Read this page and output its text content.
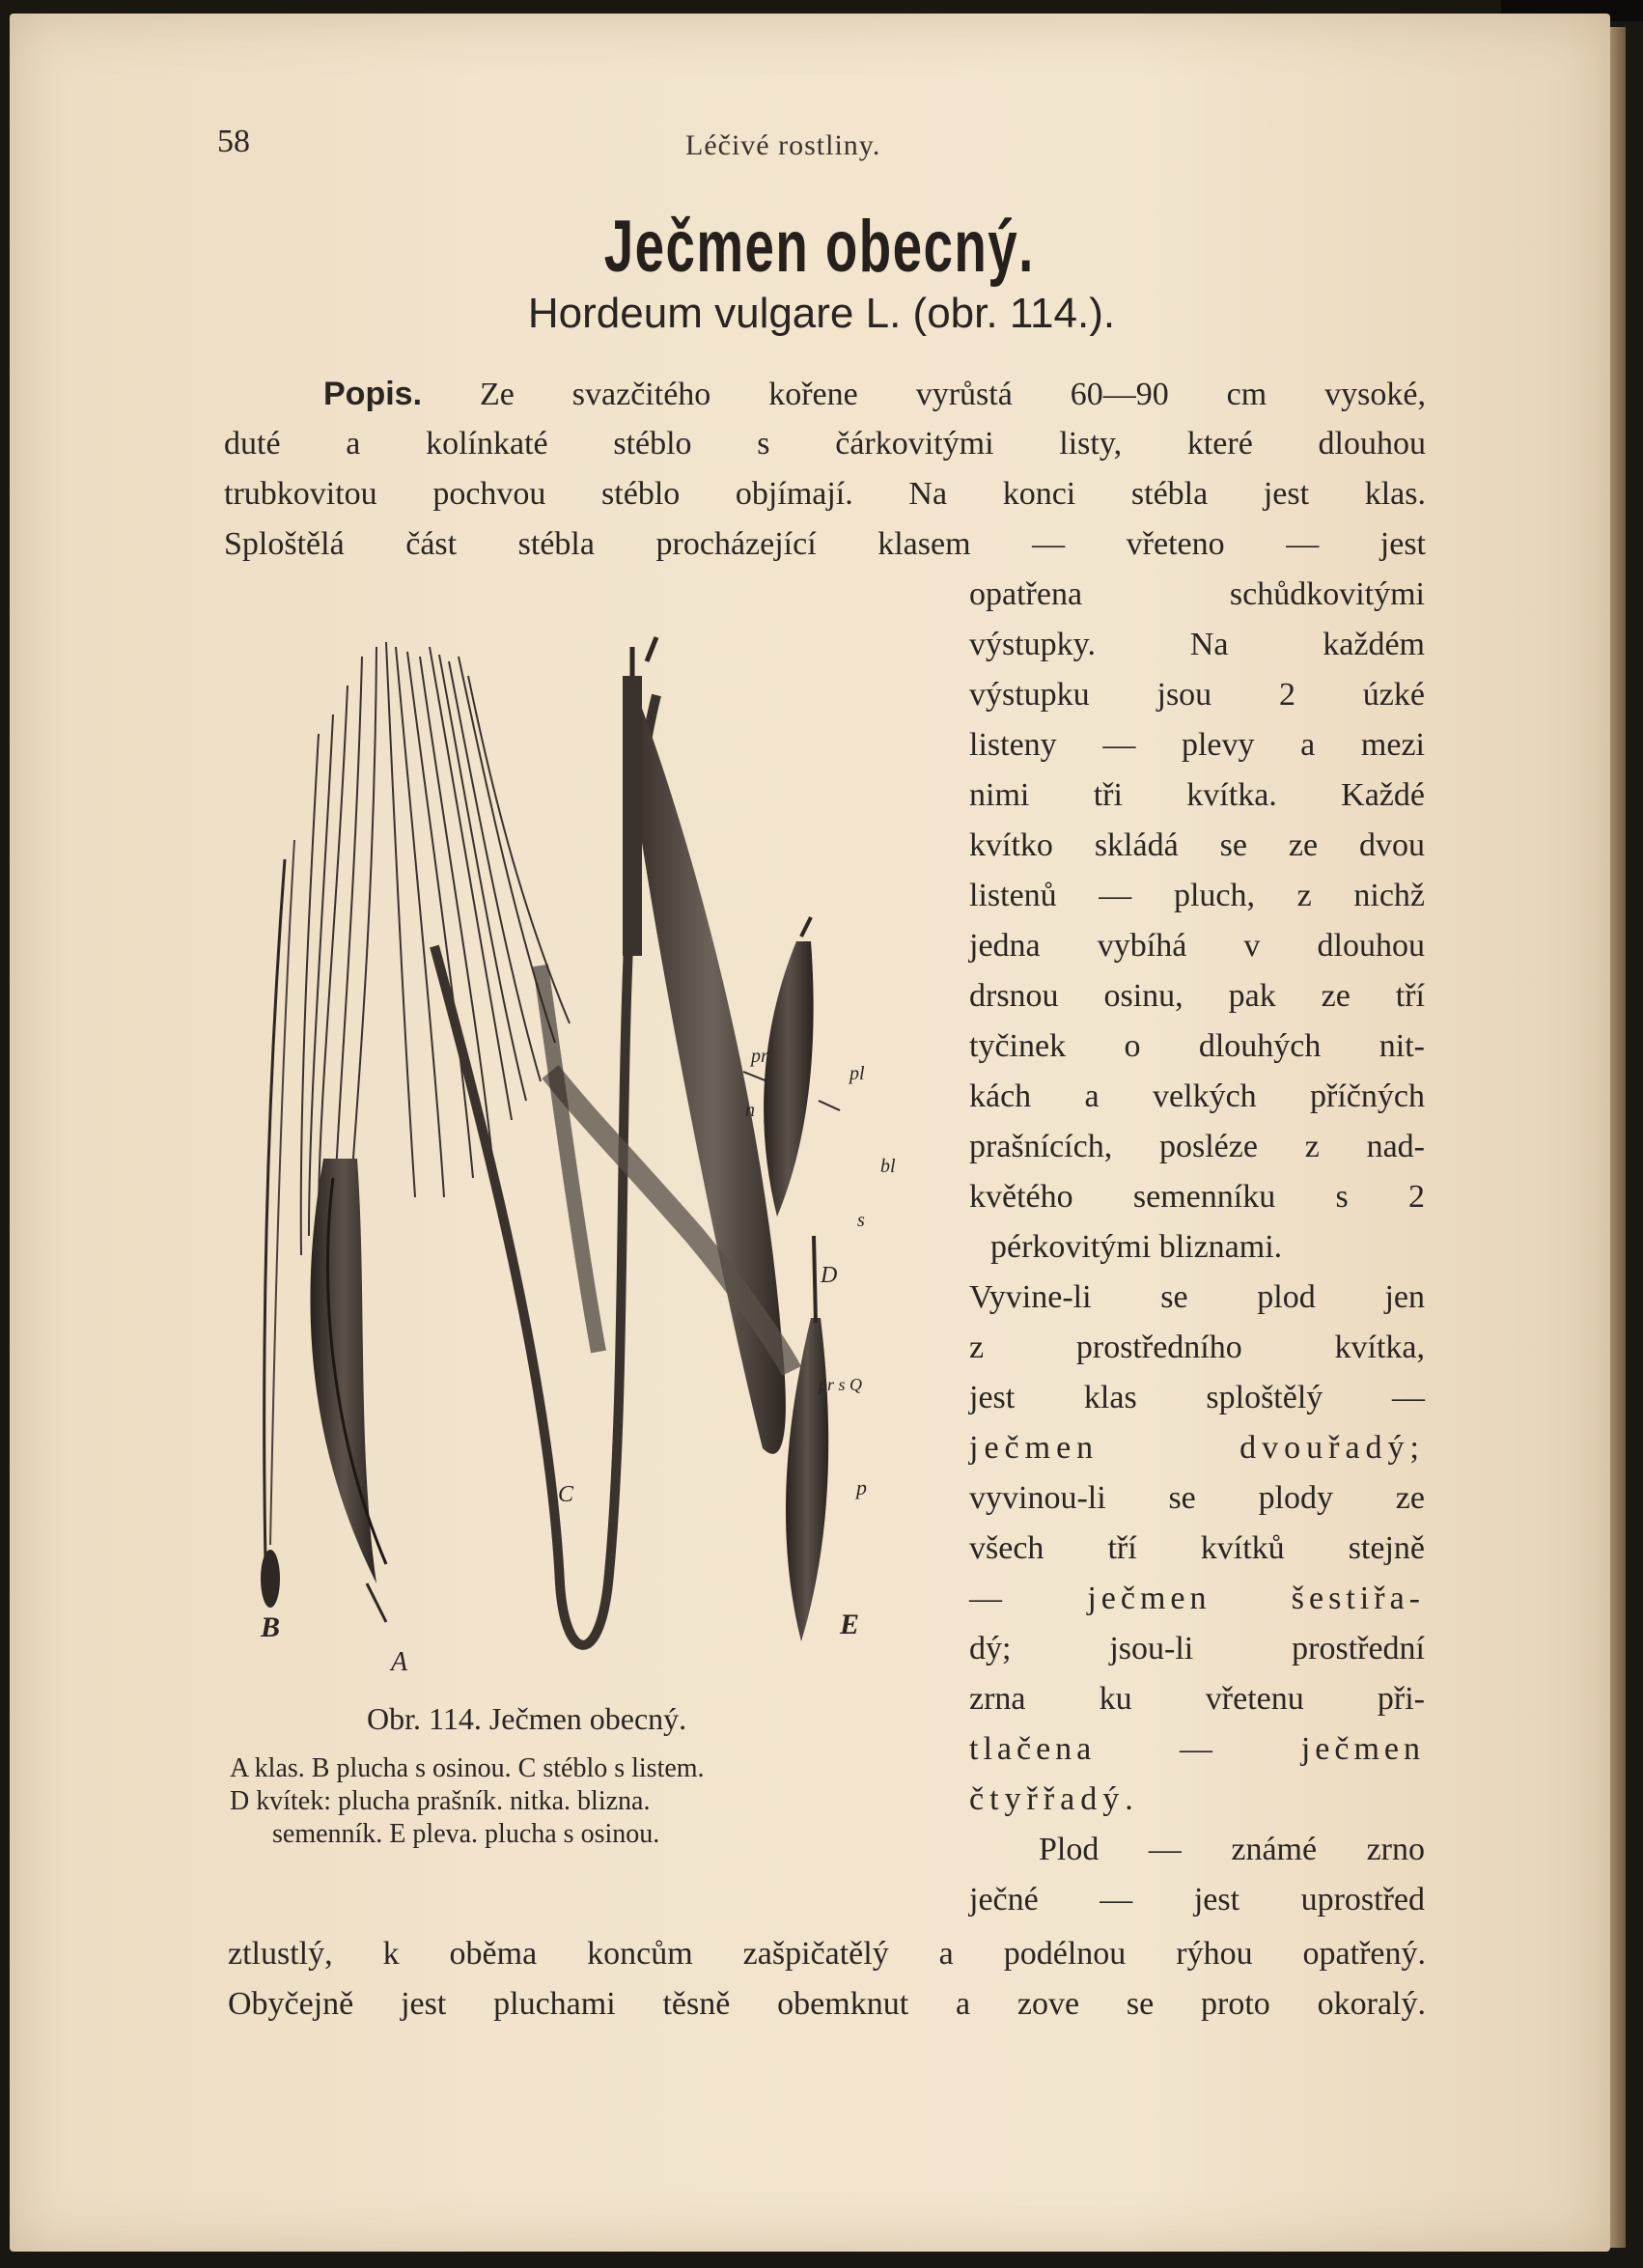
58	Léčivé rostliny.
Ječmen obecný.
Hordeum vulgare L. (obr. 114.).
Popis. Ze svazčitého kořene vyrůstá 60—90 cm vysoké,
duté a kolínkaté stéblo s čárkovitými listy, které dlouhou
trubkovitou pochvou stéblo objímají. Na konci stébla jest klas.
Sploštělá část stébla procházející klasem — vřeteno — jest
opatřena schůdkovitými
výstupky. Na každém
výstupku jsou 2 úzké
listeny — plevy a mezi
nimi tři kvítka. Každé
kvítko skládá se ze dvou
listenů — pluch, z nichž
jedna vybíhá v dlouhou
drsnou osinu, pak ze tří
tyčinek o dlouhých nit-
kách a velkých příčných
prašnících, posléze z nad-
květého semenníku s 2
pérkovitými bliznami.
Vyvine-li se plod jen
z prostředního kvítka,
jest klas sploštělý —
ječmen dvouřadý;
vyvinou-li se plody ze
všech tří kvítků stejně
— ječmen šestiřa-
dý; jsou-li prostřední
zrna ku vřetenu při-
tlačena — ječmen
čtyřřadý.
Plod — známé zrno
ječné — jest uprostřed
ztlustlý, k oběma koncům zašpičatělý a podélnou rýhou opatřený.
Obyčejně jest pluchami těsně obemknut a zove se proto okoralý.
B
A
C
D
E
pr
n
pl
bl
s
pr s Q
p
Obr. 114. Ječmen obecný.
A klas. B plucha s osinou. C stéblo s listem.
D kvítek: plucha prašník. nitka. blizna.
semenník. E pleva. plucha s osinou.
